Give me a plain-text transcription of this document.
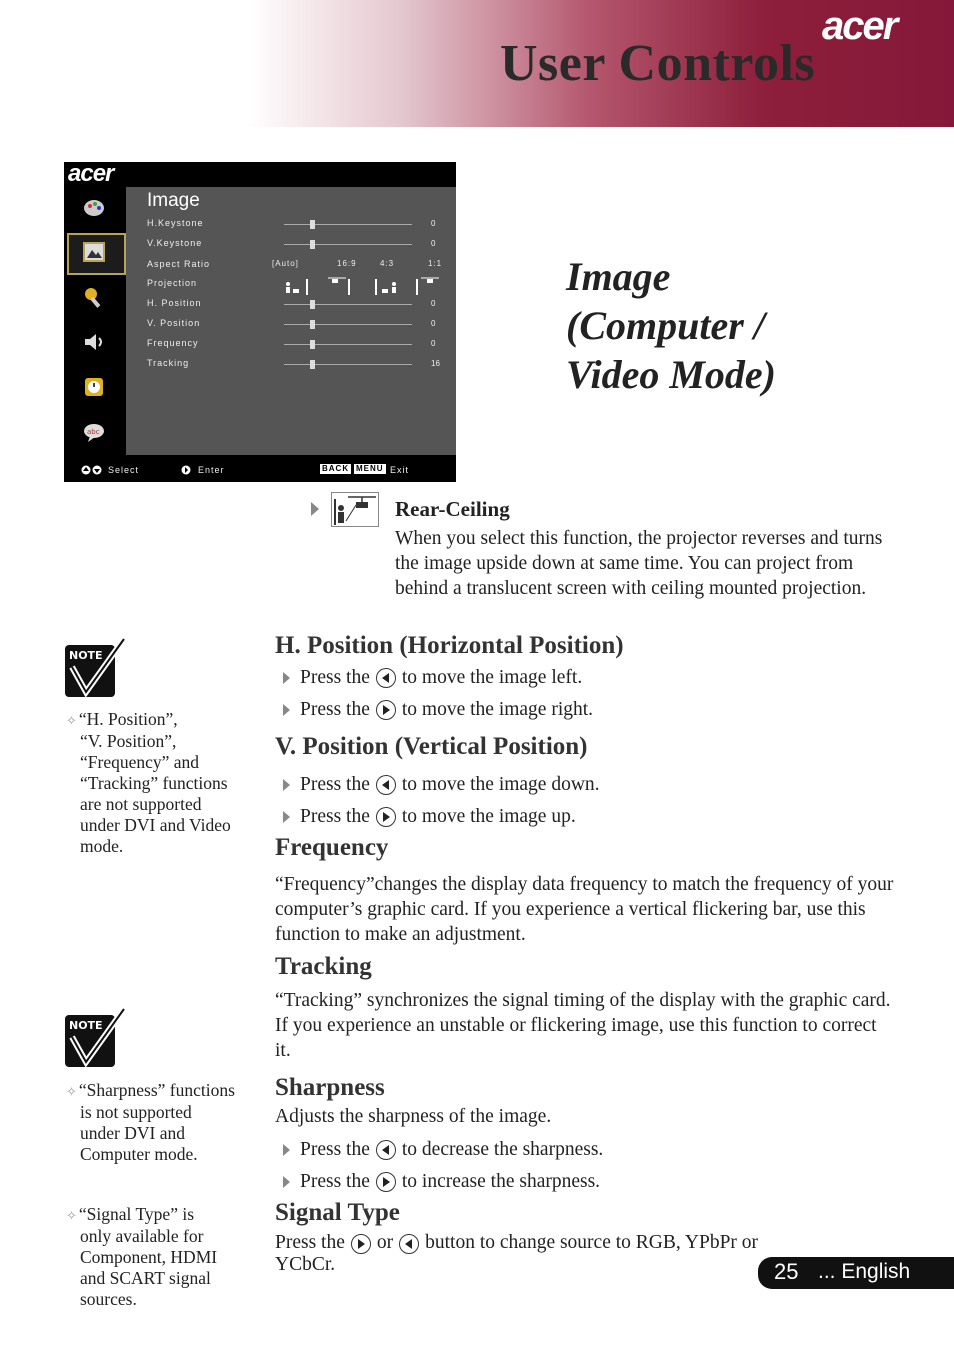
acer
User Controls
acer
abc
Image
H.Keystone	0
V.Keystone	0
Aspect Ratio	[Auto]	16:9	4:3	1:1
Projection
H. Position	0
V. Position	0
Frequency	0
Tracking	16
Select	Enter	BACK MENU Exit
Image
(Computer /
Video Mode)
Rear-Ceiling
When you select this function, the projector reverses and turns the image upside down at same time. You can project from behind a translucent screen with ceiling mounted projection.
H. Position (Horizontal Position)
Press the to move the image left.
Press the to move the image right.
V. Position (Vertical Position)
Press the to move the image down.
Press the to move the image up.
Frequency
“Frequency”changes the display data frequency to match the frequency of your computer’s graphic card. If you experience a vertical flickering bar, use this function to make an adjustment.
Tracking
“Tracking” synchronizes the signal timing of the display with the graphic card. If you experience an unstable or flickering image, use this function to correct it.
Sharpness
Adjusts the sharpness of the image.
Press the to decrease the sharpness.
Press the to increase the sharpness.
Signal Type
Press the or button to change source to RGB, YPbPr or
YCbCr.
NOTE
✧ “H. Position”,
“V. Position”,
“Frequency” and
“Tracking” functions
are not supported
under DVI and Video
mode.
NOTE
✧ “Sharpness” functions
is not supported
under DVI and
Computer mode.
✧ “Signal Type” is
only available for
Component, HDMI
and SCART signal
sources.
25 ... English
